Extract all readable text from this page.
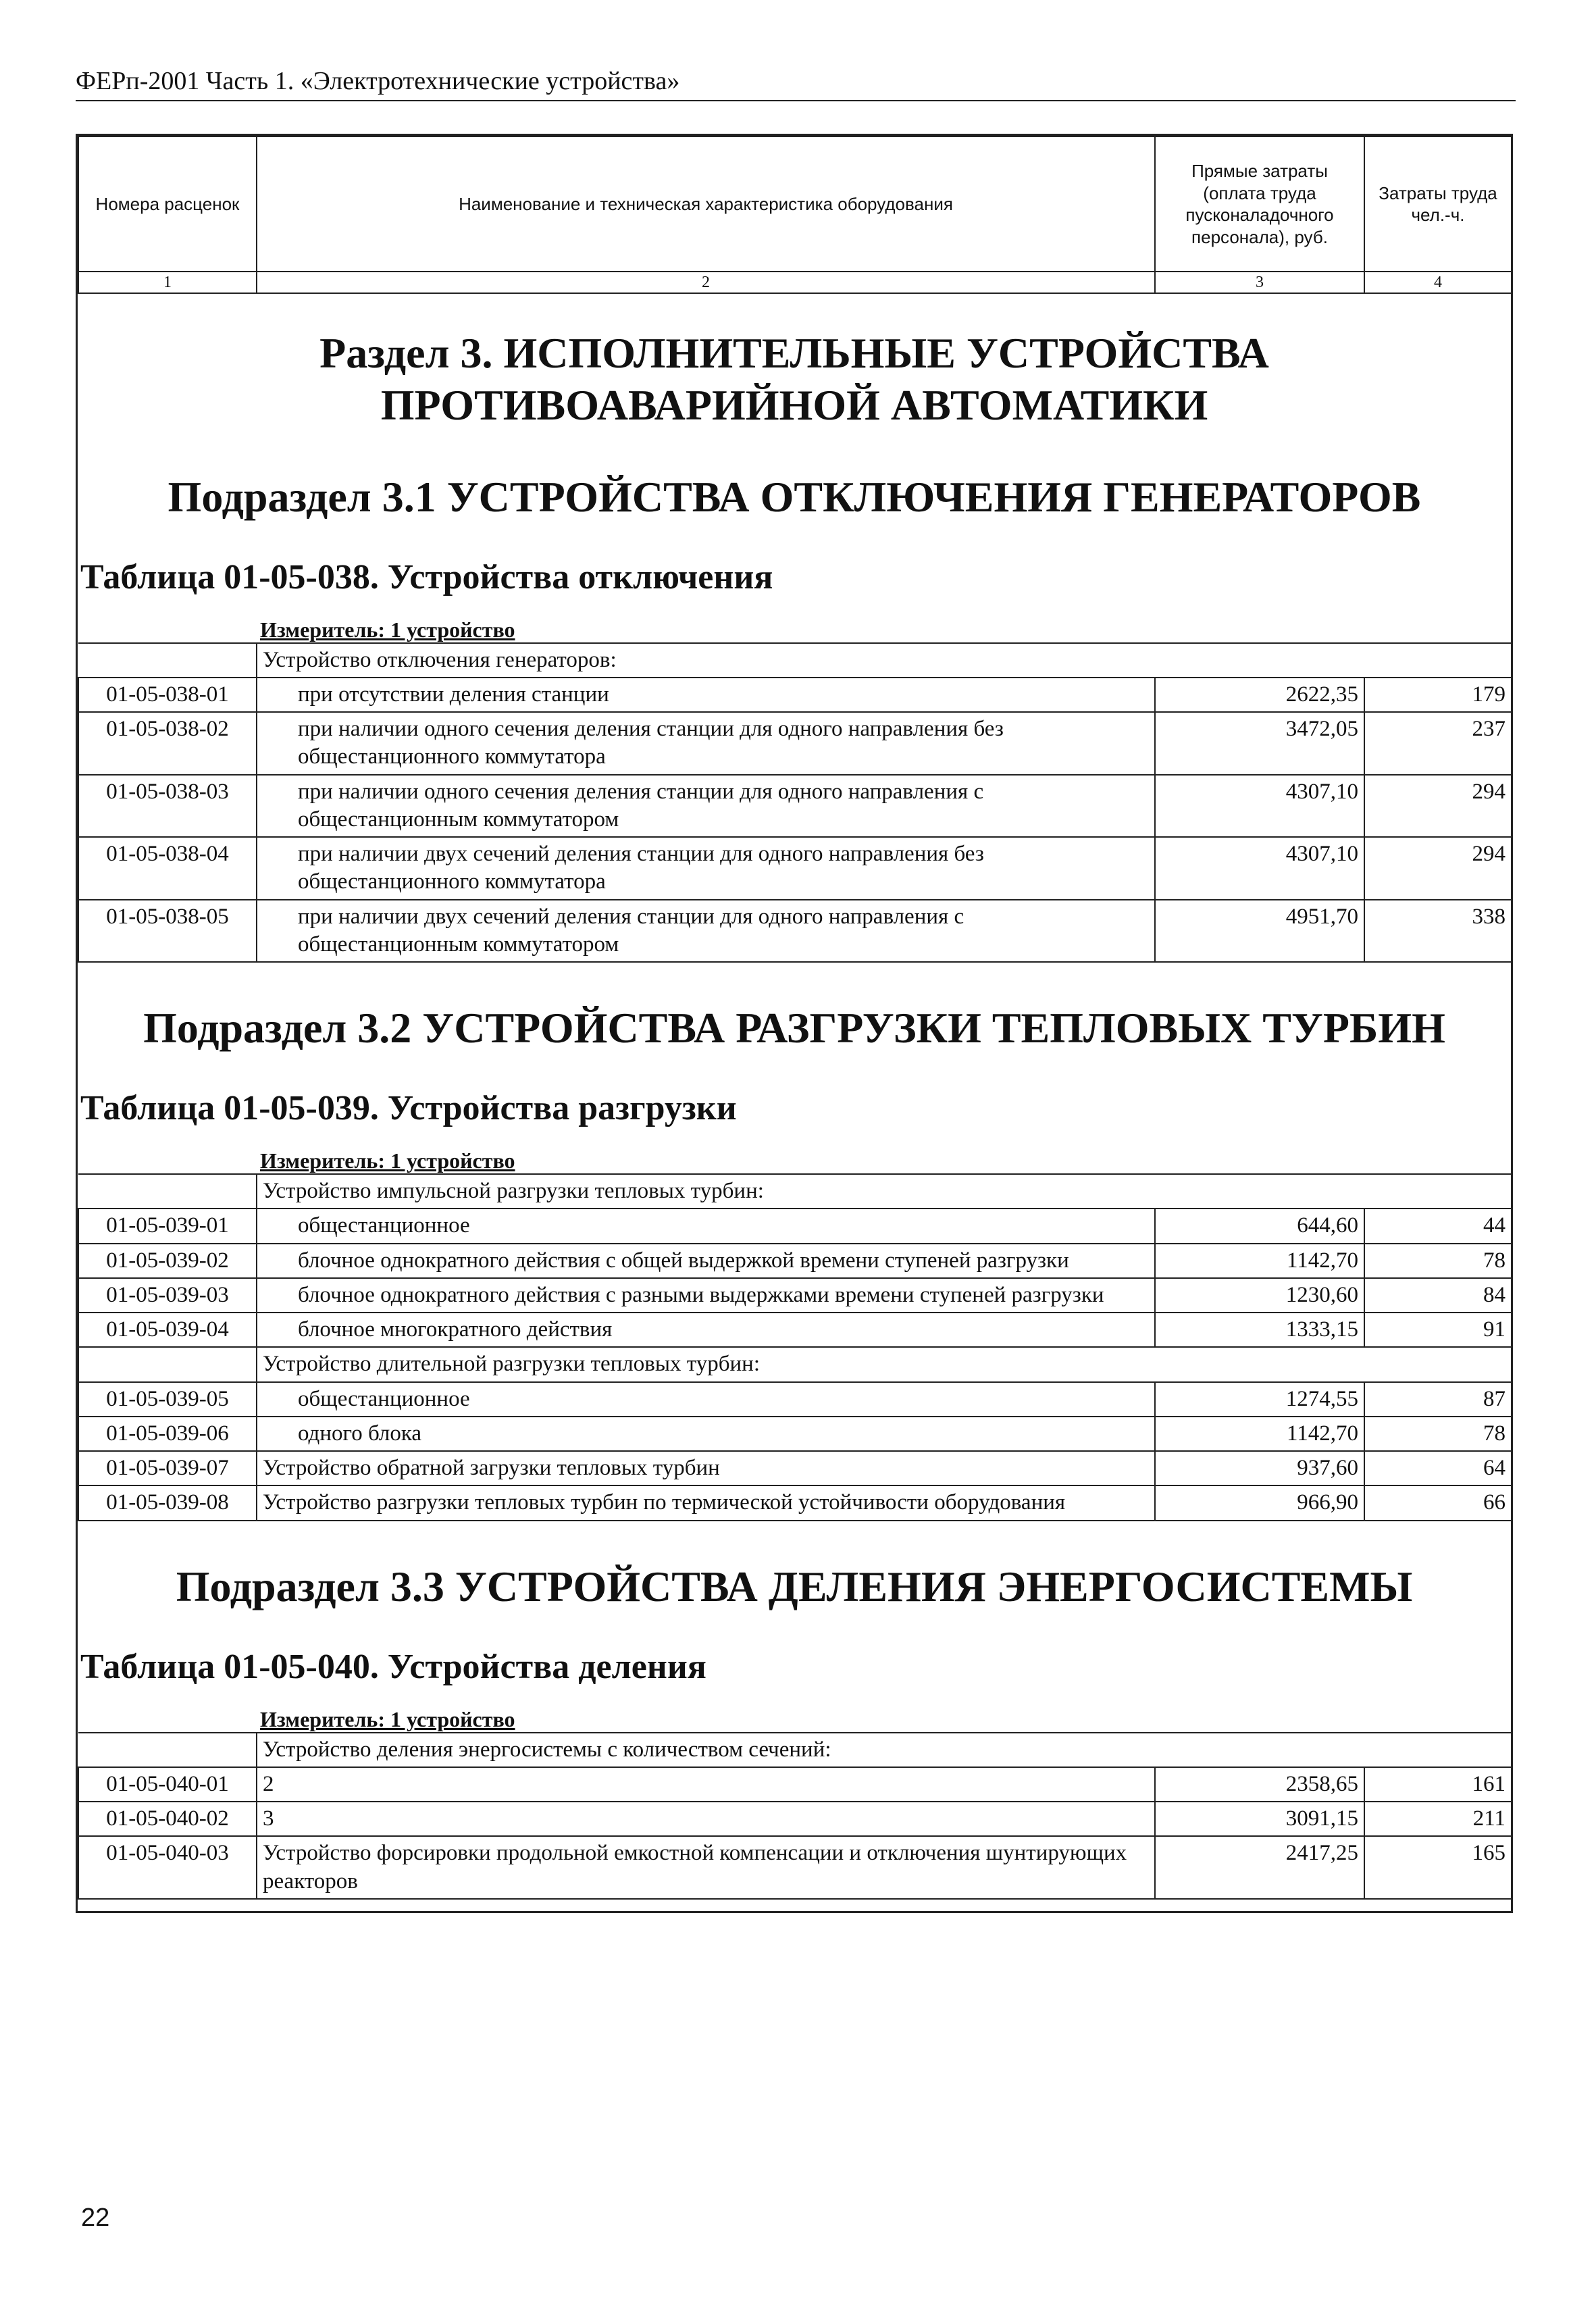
ФЕРп-2001 Часть 1. «Электротехнические устройства»
Номера расценок	Наименование и техническая характеристика оборудования	Прямые затраты (оплата труда пусконаладочного персонала), руб.	Затраты труда чел.-ч.
1	2	3	4
Раздел 3. ИСПОЛНИТЕЛЬНЫЕ УСТРОЙСТВА ПРОТИВОАВАРИЙНОЙ АВТОМАТИКИ
Подраздел 3.1 УСТРОЙСТВА ОТКЛЮЧЕНИЯ ГЕНЕРАТОРОВ
Таблица 01-05-038. Устройства отключения
Измеритель: 1 устройство
	Устройство отключения генераторов:		
01-05-038-01	при отсутствии деления станции	2622,35	179
01-05-038-02	при наличии одного сечения деления станции для одного направления без общестанционного коммутатора	3472,05	237
01-05-038-03	при наличии одного сечения деления станции для одного направления с общестанционным коммутатором	4307,10	294
01-05-038-04	при наличии двух сечений деления станции для одного направления без общестанционного коммутатора	4307,10	294
01-05-038-05	при наличии двух сечений деления станции для одного направления с общестанционным коммутатором	4951,70	338
Подраздел 3.2 УСТРОЙСТВА РАЗГРУЗКИ ТЕПЛОВЫХ ТУРБИН
Таблица 01-05-039. Устройства разгрузки
Измеритель: 1 устройство
	Устройство импульсной разгрузки тепловых турбин:		
01-05-039-01	общестанционное	644,60	44
01-05-039-02	блочное однократного действия с общей выдержкой времени ступеней разгрузки	1142,70	78
01-05-039-03	блочное однократного действия с разными выдержками времени ступеней разгрузки	1230,60	84
01-05-039-04	блочное многократного действия	1333,15	91
	Устройство длительной разгрузки тепловых турбин:		
01-05-039-05	общестанционное	1274,55	87
01-05-039-06	одного блока	1142,70	78
01-05-039-07	Устройство обратной загрузки тепловых турбин	937,60	64
01-05-039-08	Устройство разгрузки тепловых турбин по термической устойчивости оборудования	966,90	66
Подраздел 3.3 УСТРОЙСТВА ДЕЛЕНИЯ ЭНЕРГОСИСТЕМЫ
Таблица 01-05-040. Устройства деления
Измеритель: 1 устройство
	Устройство деления энергосистемы с количеством сечений:		
01-05-040-01	2	2358,65	161
01-05-040-02	3	3091,15	211
01-05-040-03	Устройство форсировки продольной емкостной компенсации и отключения шунтирующих реакторов	2417,25	165
22
